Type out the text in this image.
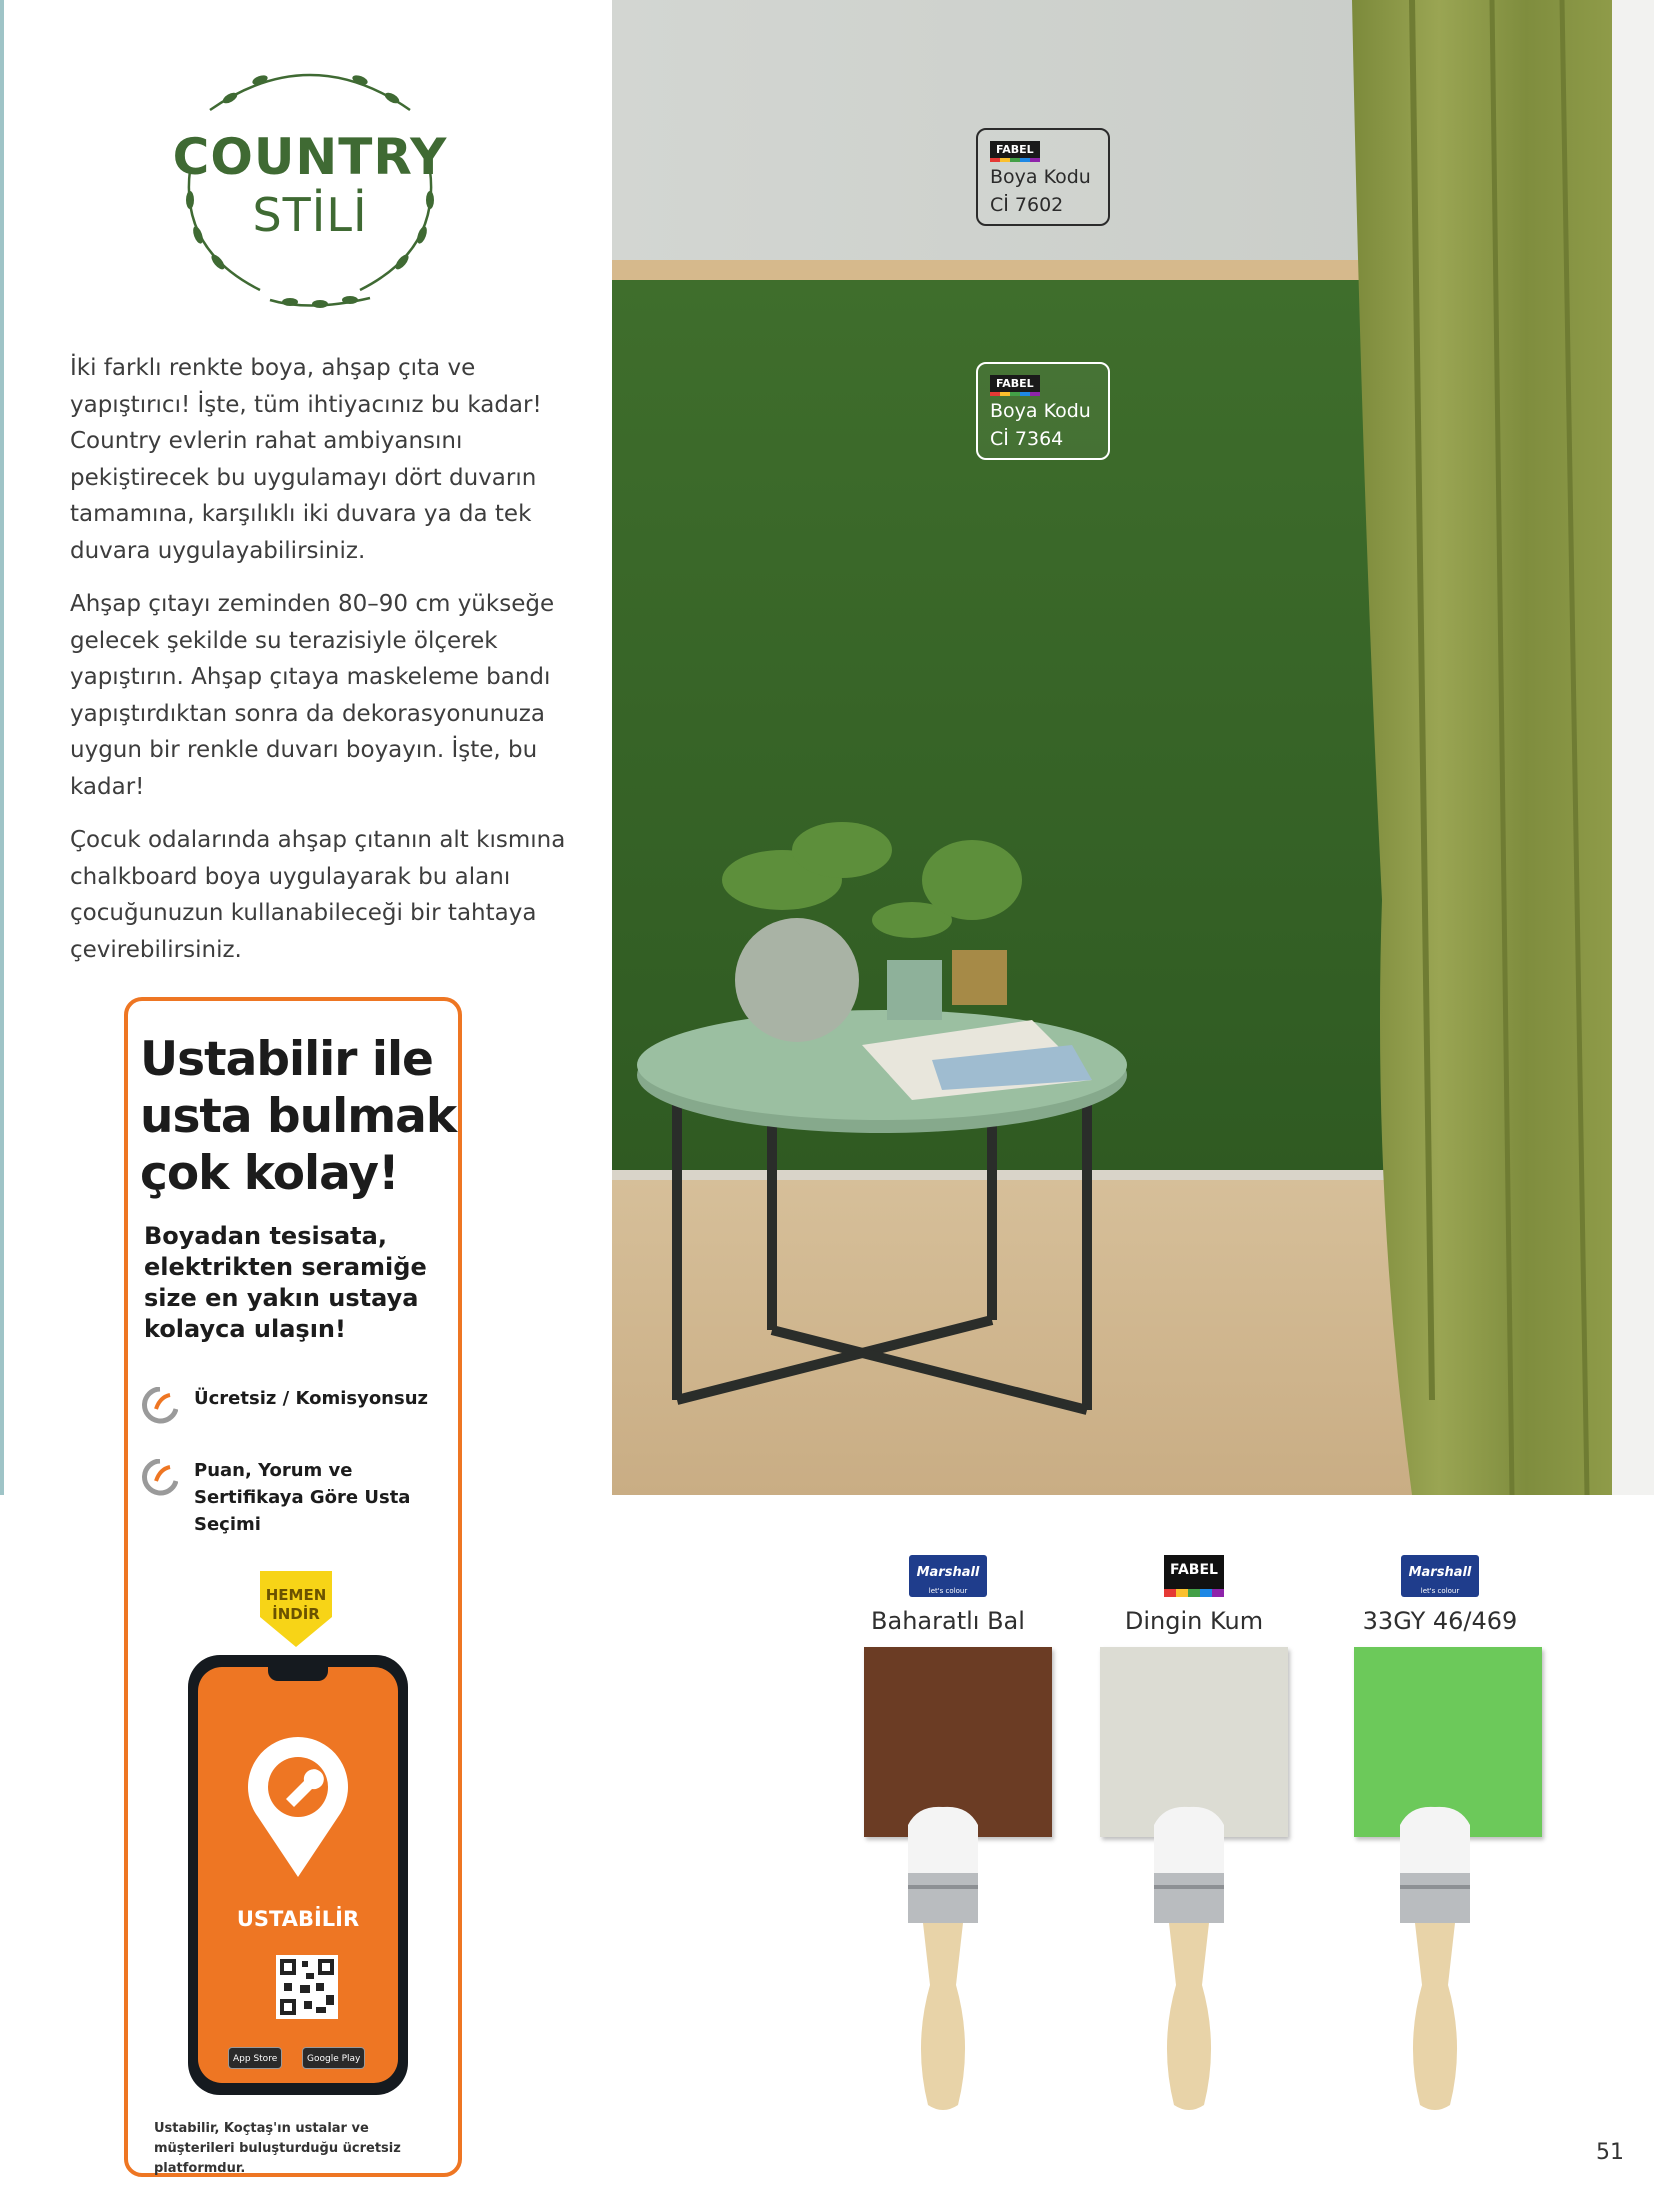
COUNTRY
STİLİ

İki farklı renkte boya, ahşap çıta ve yapıştırıcı! İşte, tüm ihtiyacınız bu kadar! Country evlerin rahat ambiyansını pekiştirecek bu uygulamayı dört duvarın tamamına, karşılıklı iki duvara ya da tek duvara uygulayabilirsiniz.

Ahşap çıtayı zeminden 80–90 cm yükseğe gelecek şekilde su terazisiyle ölçerek yapıştırın. Ahşap çıtaya maskeleme bandı yapıştırdıktan sonra da dekorasyonunuza uygun bir renkle duvarı boyayın. İşte, bu kadar!

Çocuk odalarında ahşap çıtanın alt kısmına chalkboard boya uygulayarak bu alanı çocuğunuzun kullanabileceği bir tahtaya çevirebilirsiniz.

FABEL
Boya Kodu
Cİ 7602
FABEL
Boya Kodu
Cİ 7364
Ustabilir ile
usta bulmak
çok kolay!
Boyadan tesisata, elektrikten seramiğe size en yakın ustaya kolayca ulaşın!
Ücretsiz / Komisyonsuz
Puan, Yorum ve Sertifikaya Göre Usta Seçimi
HEMEN
İNDİR
USTABİLİR
App Store	Google Play
Ustabilir, Koçtaş'ın ustalar ve müşterileri buluşturduğu ücretsiz platformdur.
Marshall
let's colour
Baharatlı Bal
FABEL
Dingin Kum
Marshall
let's colour
33GY 46/469
51
